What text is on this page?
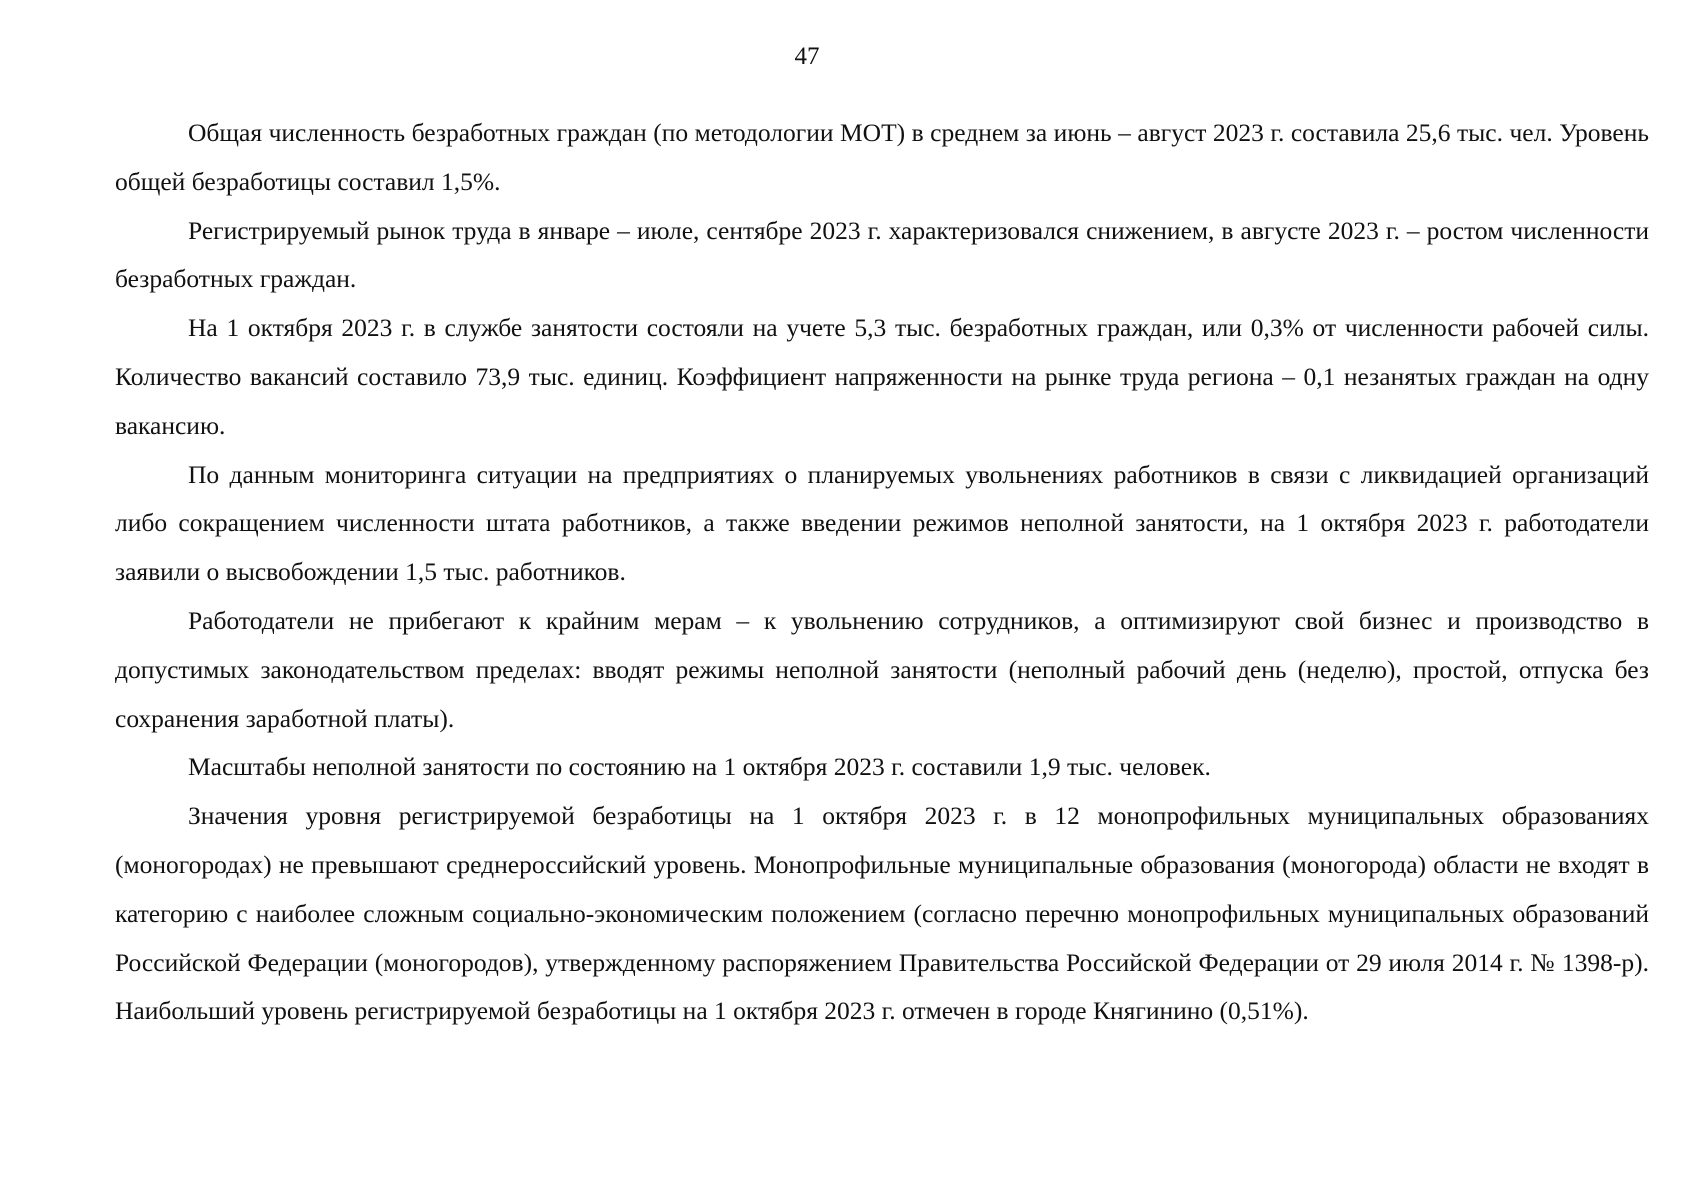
47

Общая численность безработных граждан (по методологии МОТ) в среднем за июнь – август 2023 г. составила 25,6 тыс. чел. Уровень общей безработицы составил 1,5%.

Регистрируемый рынок труда в январе – июле, сентябре 2023 г. характеризовался снижением, в августе 2023 г. – ростом численности безработных граждан.

На 1 октября 2023 г. в службе занятости состояли на учете 5,3 тыс. безработных граждан, или 0,3% от численности рабочей силы. Количество вакансий составило 73,9 тыс. единиц. Коэффициент напряженности на рынке труда региона – 0,1 незанятых граждан на одну вакансию.

По данным мониторинга ситуации на предприятиях о планируемых увольнениях работников в связи с ликвидацией организаций либо сокращением численности штата работников, а также введении режимов неполной занятости, на 1 октября 2023 г. работодатели заявили о высвобождении 1,5 тыс. работников.

Работодатели не прибегают к крайним мерам – к увольнению сотрудников, а оптимизируют свой бизнес и производство в допустимых законодательством пределах: вводят режимы неполной занятости (неполный рабочий день (неделю), простой, отпуска без сохранения заработной платы).

Масштабы неполной занятости по состоянию на 1 октября 2023 г. составили 1,9 тыс. человек.

Значения уровня регистрируемой безработицы на 1 октября 2023 г. в 12 монопрофильных муниципальных образованиях (моногородах) не превышают среднероссийский уровень. Монопрофильные муниципальные образования (моногорода) области не входят в категорию с наиболее сложным социально-экономическим положением (согласно перечню монопрофильных муниципальных образований Российской Федерации (моногородов), утвержденному распоряжением Правительства Российской Федерации от 29 июля 2014 г. № 1398-р). Наибольший уровень регистрируемой безработицы на 1 октября 2023 г. отмечен в городе Княгинино (0,51%).
